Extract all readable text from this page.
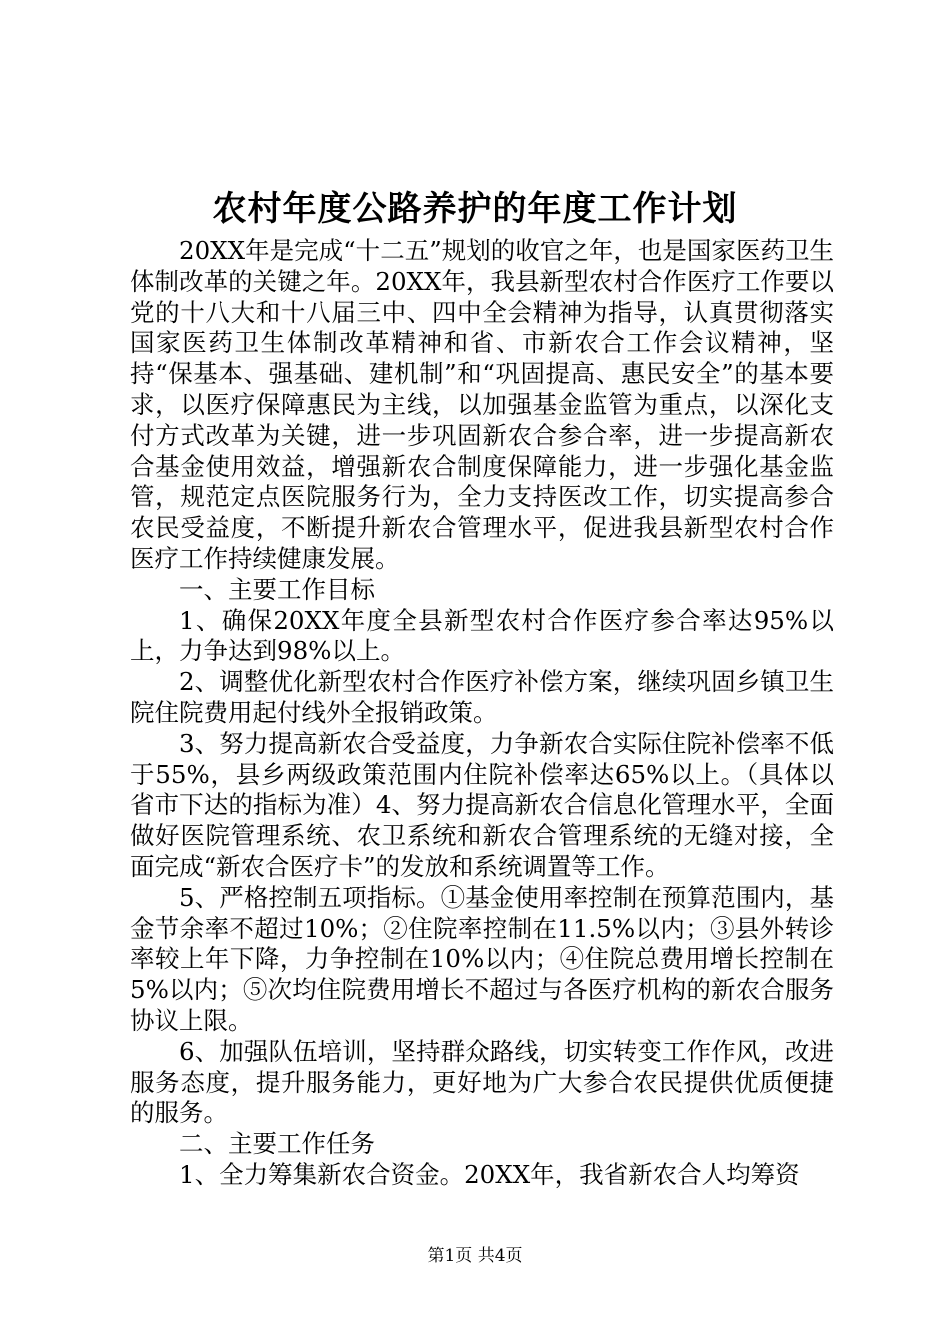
农村年度公路养护的年度工作计划

20XX年是完成“十二五”规划的收官之年，也是国家医药卫生体制改革的关键之年。20XX年，我县新型农村合作医疗工作要以党的十八大和十八届三中、四中全会精神为指导，认真贯彻落实国家医药卫生体制改革精神和省、市新农合工作会议精神，坚持“保基本、强基础、建机制”和“巩固提高、惠民安全”的基本要求，以医疗保障惠民为主线，以加强基金监管为重点，以深化支付方式改革为关键，进一步巩固新农合参合率，进一步提高新农合基金使用效益，增强新农合制度保障能力，进一步强化基金监管，规范定点医院服务行为，全力支持医改工作，切实提高参合农民受益度，不断提升新农合管理水平，促进我县新型农村合作医疗工作持续健康发展。

一、主要工作目标

1、确保20XX年度全县新型农村合作医疗参合率达95%以上，力争达到98%以上。

2、调整优化新型农村合作医疗补偿方案，继续巩固乡镇卫生院住院费用起付线外全报销政策。

3、努力提高新农合受益度，力争新农合实际住院补偿率不低于55%，县乡两级政策范围内住院补偿率达65%以上。（具体以省市下达的指标为准）4、努力提高新农合信息化管理水平，全面做好医院管理系统、农卫系统和新农合管理系统的无缝对接，全面完成“新农合医疗卡”的发放和系统调置等工作。

5、严格控制五项指标。①基金使用率控制在预算范围内，基金节余率不超过10%；②住院率控制在11.5%以内；③县外转诊率较上年下降，力争控制在10%以内；④住院总费用增长控制在5%以内；⑤次均住院费用增长不超过与各医疗机构的新农合服务协议上限。

6、加强队伍培训，坚持群众路线，切实转变工作作风，改进服务态度，提升服务能力，更好地为广大参合农民提供优质便捷的服务。

二、主要工作任务

1、全力筹集新农合资金。20XX年，我省新农合人均筹资

第1页 共4页
